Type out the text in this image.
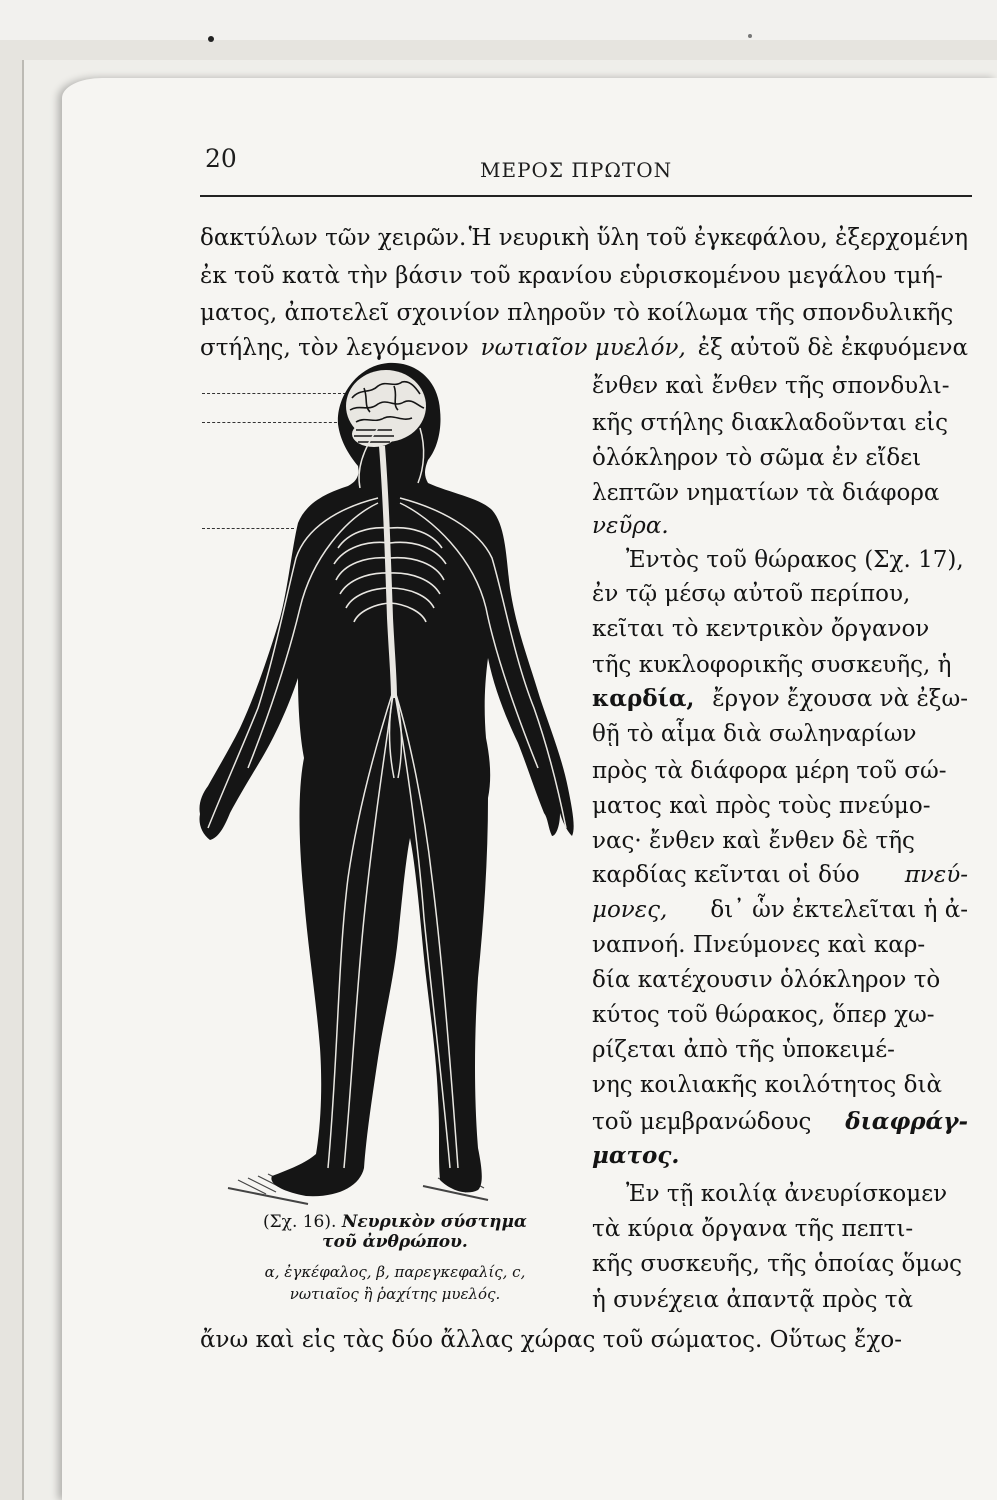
20	ΜΕΡΟΣ ΠΡΩΤΟΝ
δακτύλων τῶν χειρῶν. Ἡ νευρικὴ ὕλη τοῦ ἐγκεφάλου, ἐξερχομένη
ἐκ τοῦ κατὰ τὴν βάσιν τοῦ κρανίου εὑρισκομένου μεγάλου τμή-
ματος, ἀποτελεῖ σχοινίον πληροῦν τὸ κοίλωμα τῆς σπονδυλικῆς
στήλης, τὸν λεγόμενον νωτιαῖον μυελόν, ἐξ αὐτοῦ δὲ ἐκφυόμενα
ἔνθεν καὶ ἔνθεν τῆς σπονδυλι-
κῆς στήλης διακλαδοῦνται εἰς
ὁλόκληρον τὸ σῶμα ἐν εἴδει
λεπτῶν νηματίων τὰ διάφορα
νεῦρα.
Ἐντὸς τοῦ θώρακος (Σχ. 17),
ἐν τῷ μέσῳ αὐτοῦ περίπου,
κεῖται τὸ κεντρικὸν ὄργανον
τῆς κυκλοφορικῆς συσκευῆς, ἡ
καρδία, ἔργον ἔχουσα νὰ ἐξω-
θῇ τὸ αἷμα διὰ σωληναρίων
πρὸς τὰ διάφορα μέρη τοῦ σώ-
ματος καὶ πρὸς τοὺς πνεύμο-
νας· ἔνθεν καὶ ἔνθεν δὲ τῆς
καρδίας κεῖνται οἱ δύο πνεύ-
μονες, δι᾽ ὧν ἐκτελεῖται ἡ ἀ-
ναπνοή. Πνεύμονες καὶ καρ-
δία κατέχουσιν ὁλόκληρον τὸ
κύτος τοῦ θώρακος, ὅπερ χω-
ρίζεται ἀπὸ τῆς ὑποκειμέ-
νης κοιλιακῆς κοιλότητος διὰ
τοῦ μεμβρανώδους διαφράγ-
ματος.
Ἐν τῇ κοιλίᾳ ἀνευρίσκομεν
τὰ κύρια ὄργανα τῆς πεπτι-
κῆς συσκευῆς, τῆς ὁποίας ὅμως
ἡ συνέχεια ἀπαντᾷ πρὸς τὰ
ἄνω καὶ εἰς τὰς δύο ἄλλας χώρας τοῦ σώματος. Οὕτως ἔχο-
(Σχ. 16). Νευρικὸν σύστημα
τοῦ ἀνθρώπου.
α, ἐγκέφαλος, β, παρεγκεφαλίς, c,
νωτιαῖος ἢ ῥαχίτης μυελός.
